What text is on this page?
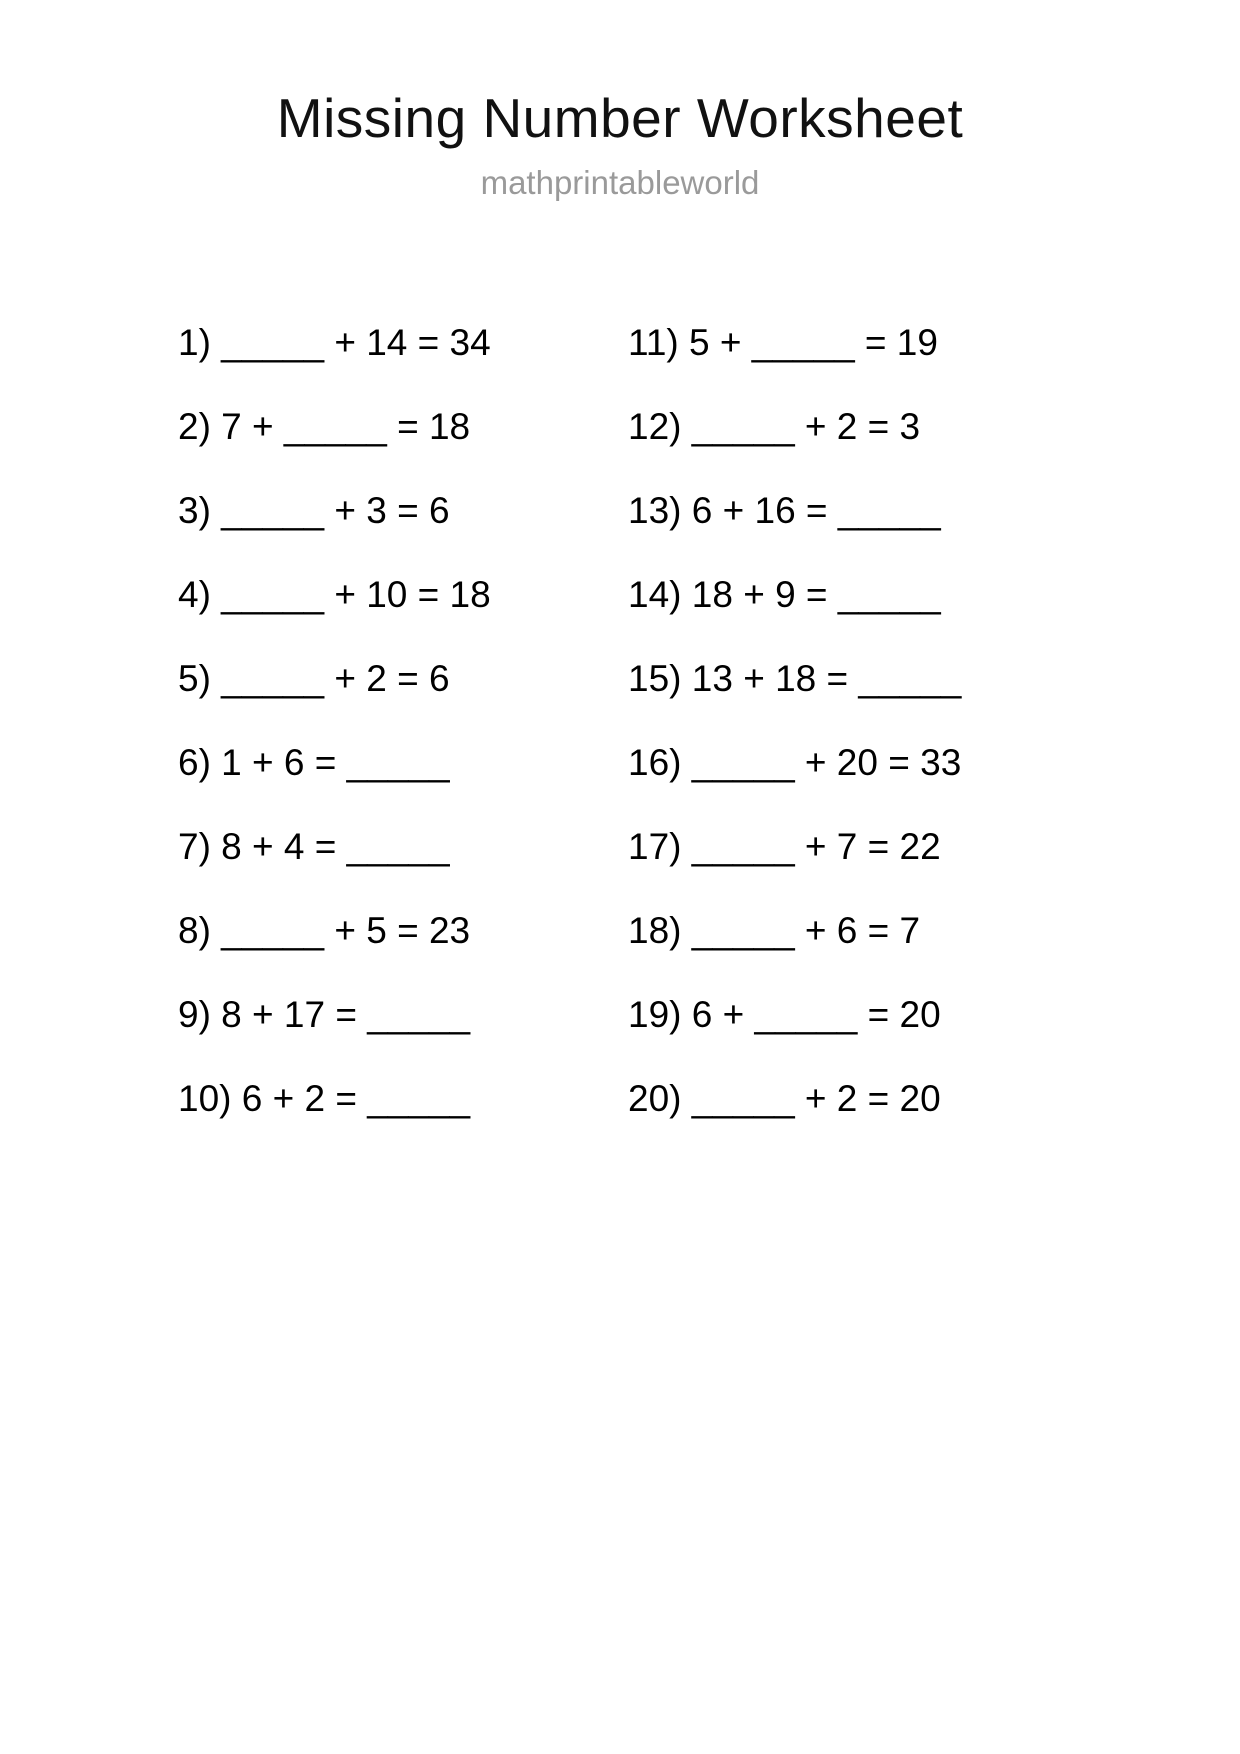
Missing Number Worksheet
mathprintableworld
1) _____ + 14 = 34
2) 7 + _____ = 18
3) _____ + 3 = 6
4) _____ + 10 = 18
5) _____ + 2 = 6
6) 1 + 6 = _____
7) 8 + 4 = _____
8) _____ + 5 = 23
9) 8 + 17 = _____
10) 6 + 2 = _____
11) 5 + _____ = 19
12) _____ + 2 = 3
13) 6 + 16 = _____
14) 18 + 9 = _____
15) 13 + 18 = _____
16) _____ + 20 = 33
17) _____ + 7 = 22
18) _____ + 6 = 7
19) 6 + _____ = 20
20) _____ + 2 = 20
